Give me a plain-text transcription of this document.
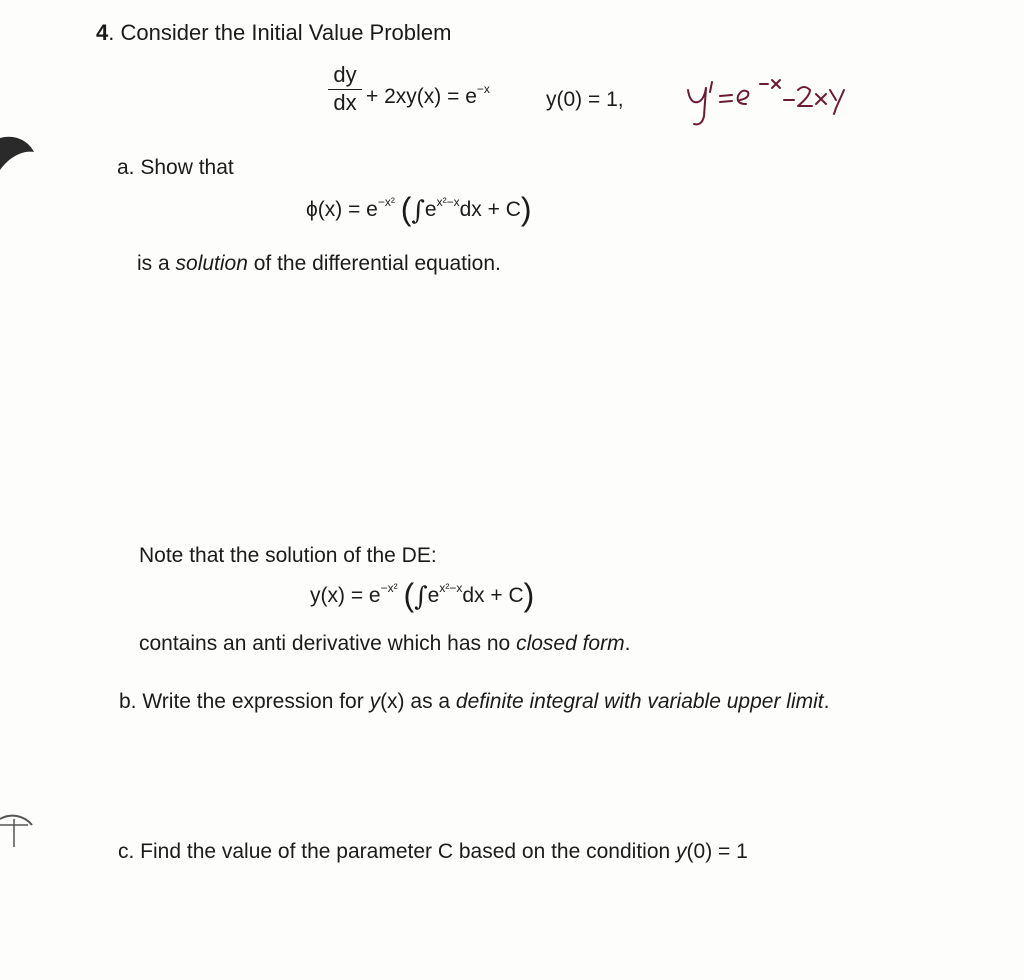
4. Consider the Initial Value Problem
dy
dx + $2xy(x) = e^{-x}$	y(0) = 1,
a. Show that
$\phi(x) = e^{-x^2}$ $(\int e^{x^2-x}dx + C)$
is a solution of the differential equation.
Note that the solution of the DE:
$y(x) = e^{-x^2}$ $(\int e^{x^2-x}dx + C)$
contains an anti derivative which has no closed form.
b. Write the expression for y(x) as a definite integral with variable upper limit.
c. Find the value of the parameter C based on the condition y(0) = 1
